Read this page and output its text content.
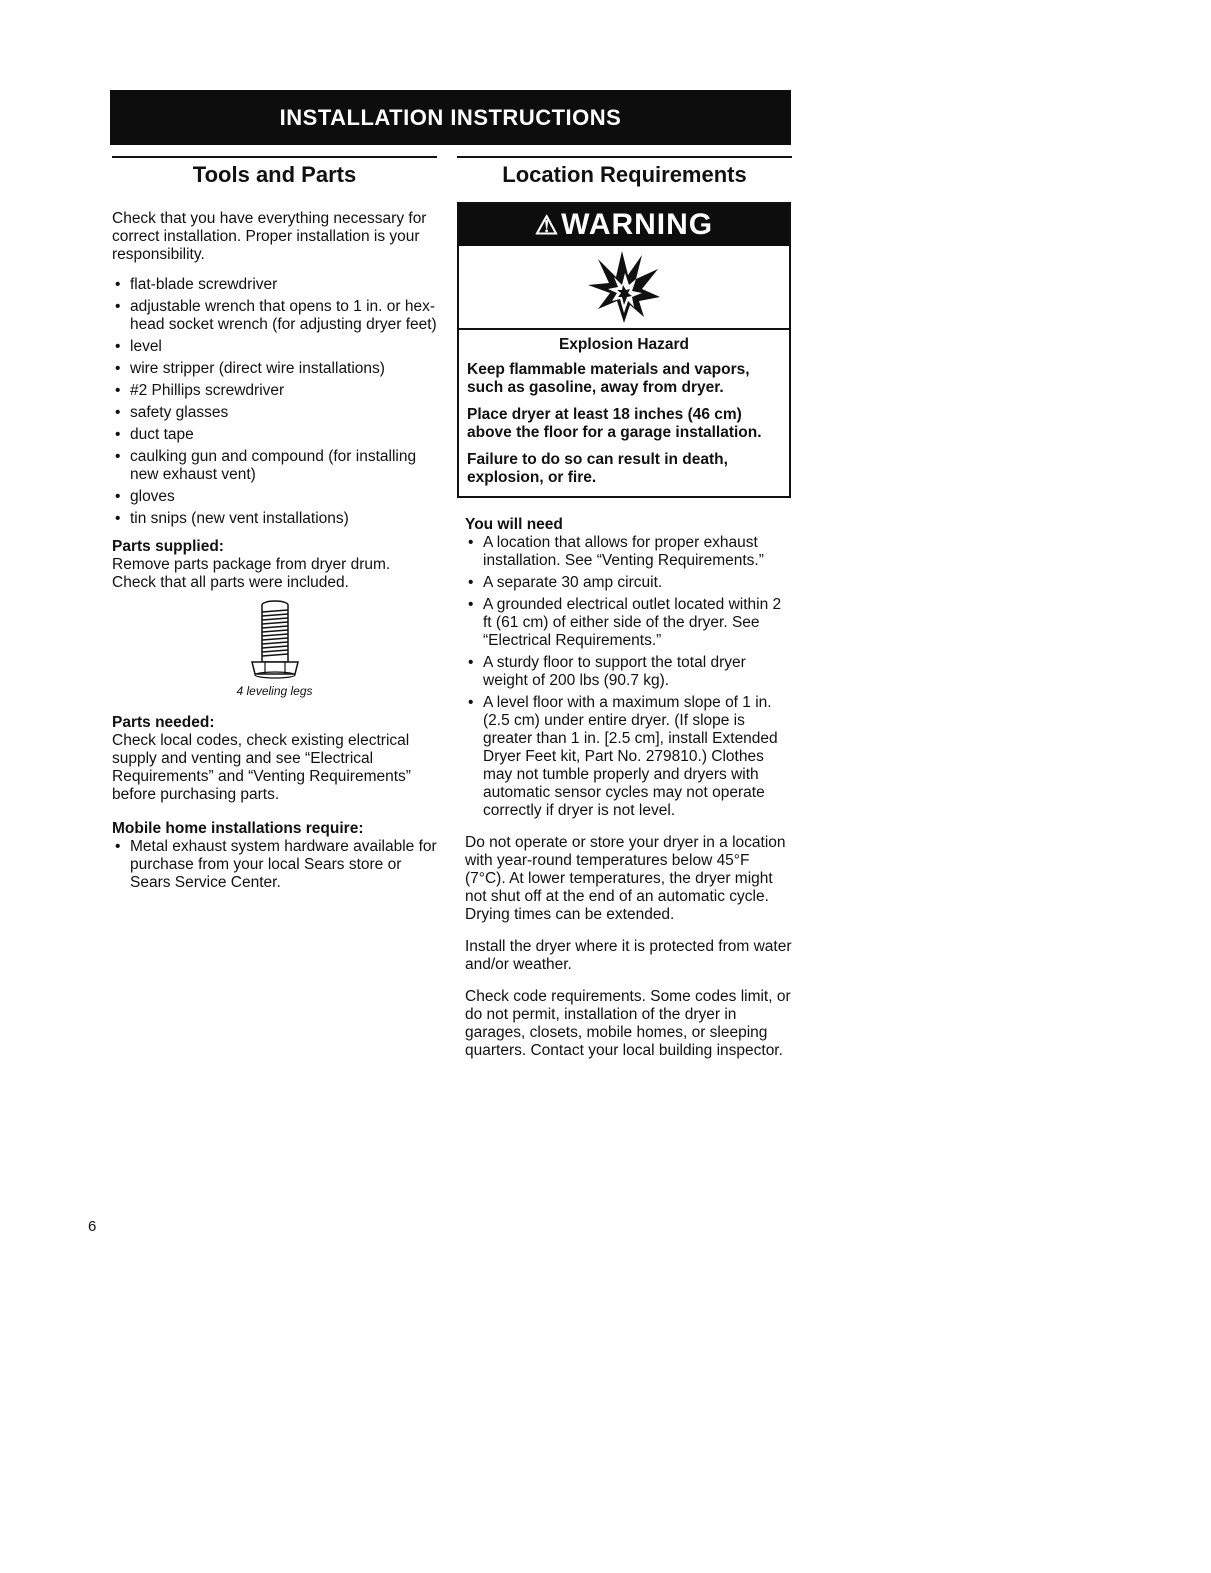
INSTALLATION INSTRUCTIONS
Tools and Parts

Check that you have everything necessary for correct installation. Proper installation is your responsibility.

• flat-blade screwdriver
• adjustable wrench that opens to 1 in. or hex-head socket wrench (for adjusting dryer feet)
• level
• wire stripper (direct wire installations)
• #2 Phillips screwdriver
• safety glasses
• duct tape
• caulking gun and compound (for installing new exhaust vent)
• gloves
• tin snips (new vent installations)

Parts supplied:

Remove parts package from dryer drum. Check that all parts were included.

4 leveling legs

Parts needed:

Check local codes, check existing electrical supply and venting and see “Electrical Requirements” and “Venting Requirements” before purchasing parts.

Mobile home installations require:

• Metal exhaust system hardware available for purchase from your local Sears store or Sears Service Center.
Location Requirements
⚠ WARNING
Explosion Hazard

Keep flammable materials and vapors, such as gasoline, away from dryer.

Place dryer at least 18 inches (46 cm) above the floor for a garage installation.

Failure to do so can result in death, explosion, or fire.

You will need

• A location that allows for proper exhaust installation. See “Venting Requirements.”
• A separate 30 amp circuit.
• A grounded electrical outlet located within 2 ft (61 cm) of either side of the dryer. See “Electrical Requirements.”
• A sturdy floor to support the total dryer weight of 200 lbs (90.7 kg).
• A level floor with a maximum slope of 1 in. (2.5 cm) under entire dryer. (If slope is greater than 1 in. [2.5 cm], install Extended Dryer Feet kit, Part No. 279810.) Clothes may not tumble properly and dryers with automatic sensor cycles may not operate correctly if dryer is not level.

Do not operate or store your dryer in a location with year-round temperatures below 45°F (7°C). At lower temperatures, the dryer might not shut off at the end of an automatic cycle. Drying times can be extended.

Install the dryer where it is protected from water and/or weather.

Check code requirements. Some codes limit, or do not permit, installation of the dryer in garages, closets, mobile homes, or sleeping quarters. Contact your local building inspector.

6
